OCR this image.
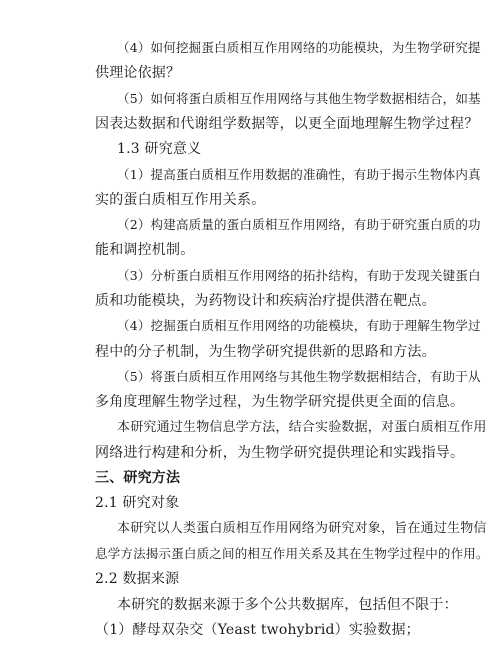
（4）如何挖掘蛋白质相互作用网络的功能模块，为生物学研究提
供理论依据？
（5）如何将蛋白质相互作用网络与其他生物学数据相结合，如基
因表达数据和代谢组学数据等，以更全面地理解生物学过程？
1.3 研究意义
（1）提高蛋白质相互作用数据的准确性，有助于揭示生物体内真
实的蛋白质相互作用关系。
（2）构建高质量的蛋白质相互作用网络，有助于研究蛋白质的功
能和调控机制。
（3）分析蛋白质相互作用网络的拓扑结构，有助于发现关键蛋白
质和功能模块，为药物设计和疾病治疗提供潜在靶点。
（4）挖掘蛋白质相互作用网络的功能模块，有助于理解生物学过
程中的分子机制，为生物学研究提供新的思路和方法。
（5）将蛋白质相互作用网络与其他生物学数据相结合，有助于从
多角度理解生物学过程，为生物学研究提供更全面的信息。
本研究通过生物信息学方法，结合实验数据，对蛋白质相互作用
网络进行构建和分析，为生物学研究提供理论和实践指导。
三、研究方法
2.1 研究对象
本研究以人类蛋白质相互作用网络为研究对象，旨在通过生物信
息学方法揭示蛋白质之间的相互作用关系及其在生物学过程中的作用。
2.2 数据来源
本研究的数据来源于多个公共数据库，包括但不限于：
（1）酵母双杂交（Yeast twohybrid）实验数据；
